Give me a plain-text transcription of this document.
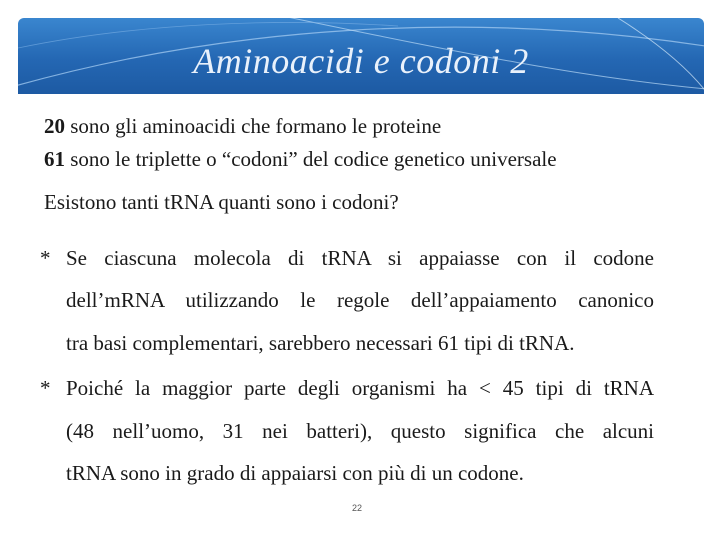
Aminoacidi e codoni 2
20 sono gli aminoacidi che formano le proteine
61 sono le triplette o “codoni” del codice genetico universale
Esistono tanti tRNA quanti sono i codoni?
* Se ciascuna molecola di tRNA si appaiasse con il codone
dell’mRNA utilizzando le regole dell’appaiamento canonico
tra basi complementari, sarebbero necessari 61 tipi di tRNA.
* Poiché la maggior parte degli organismi ha < 45 tipi di tRNA
(48 nell’uomo, 31 nei batteri), questo significa che alcuni
tRNA sono in grado di appaiarsi con più di un codone.
22
